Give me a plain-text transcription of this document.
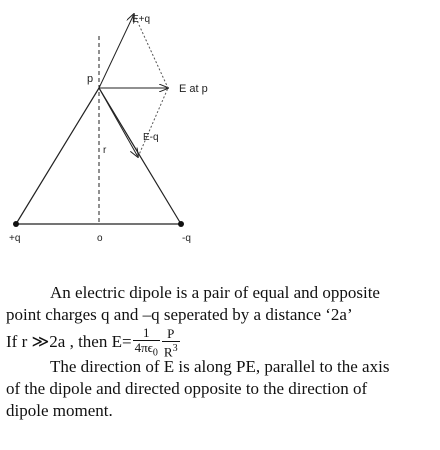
E+q
E at p
E-q
p
r
+q	o	-q
An electric dipole is a pair of equal and opposite
point charges q and –q seperated by a distance ‘2a’
If r ≫2a , then $E= \frac{1}{4\pi\epsilon_0} \frac{P}{R^3}$
The direction of E is along PE, parallel to the axis
of the dipole and directed opposite to the direction of
dipole moment.
